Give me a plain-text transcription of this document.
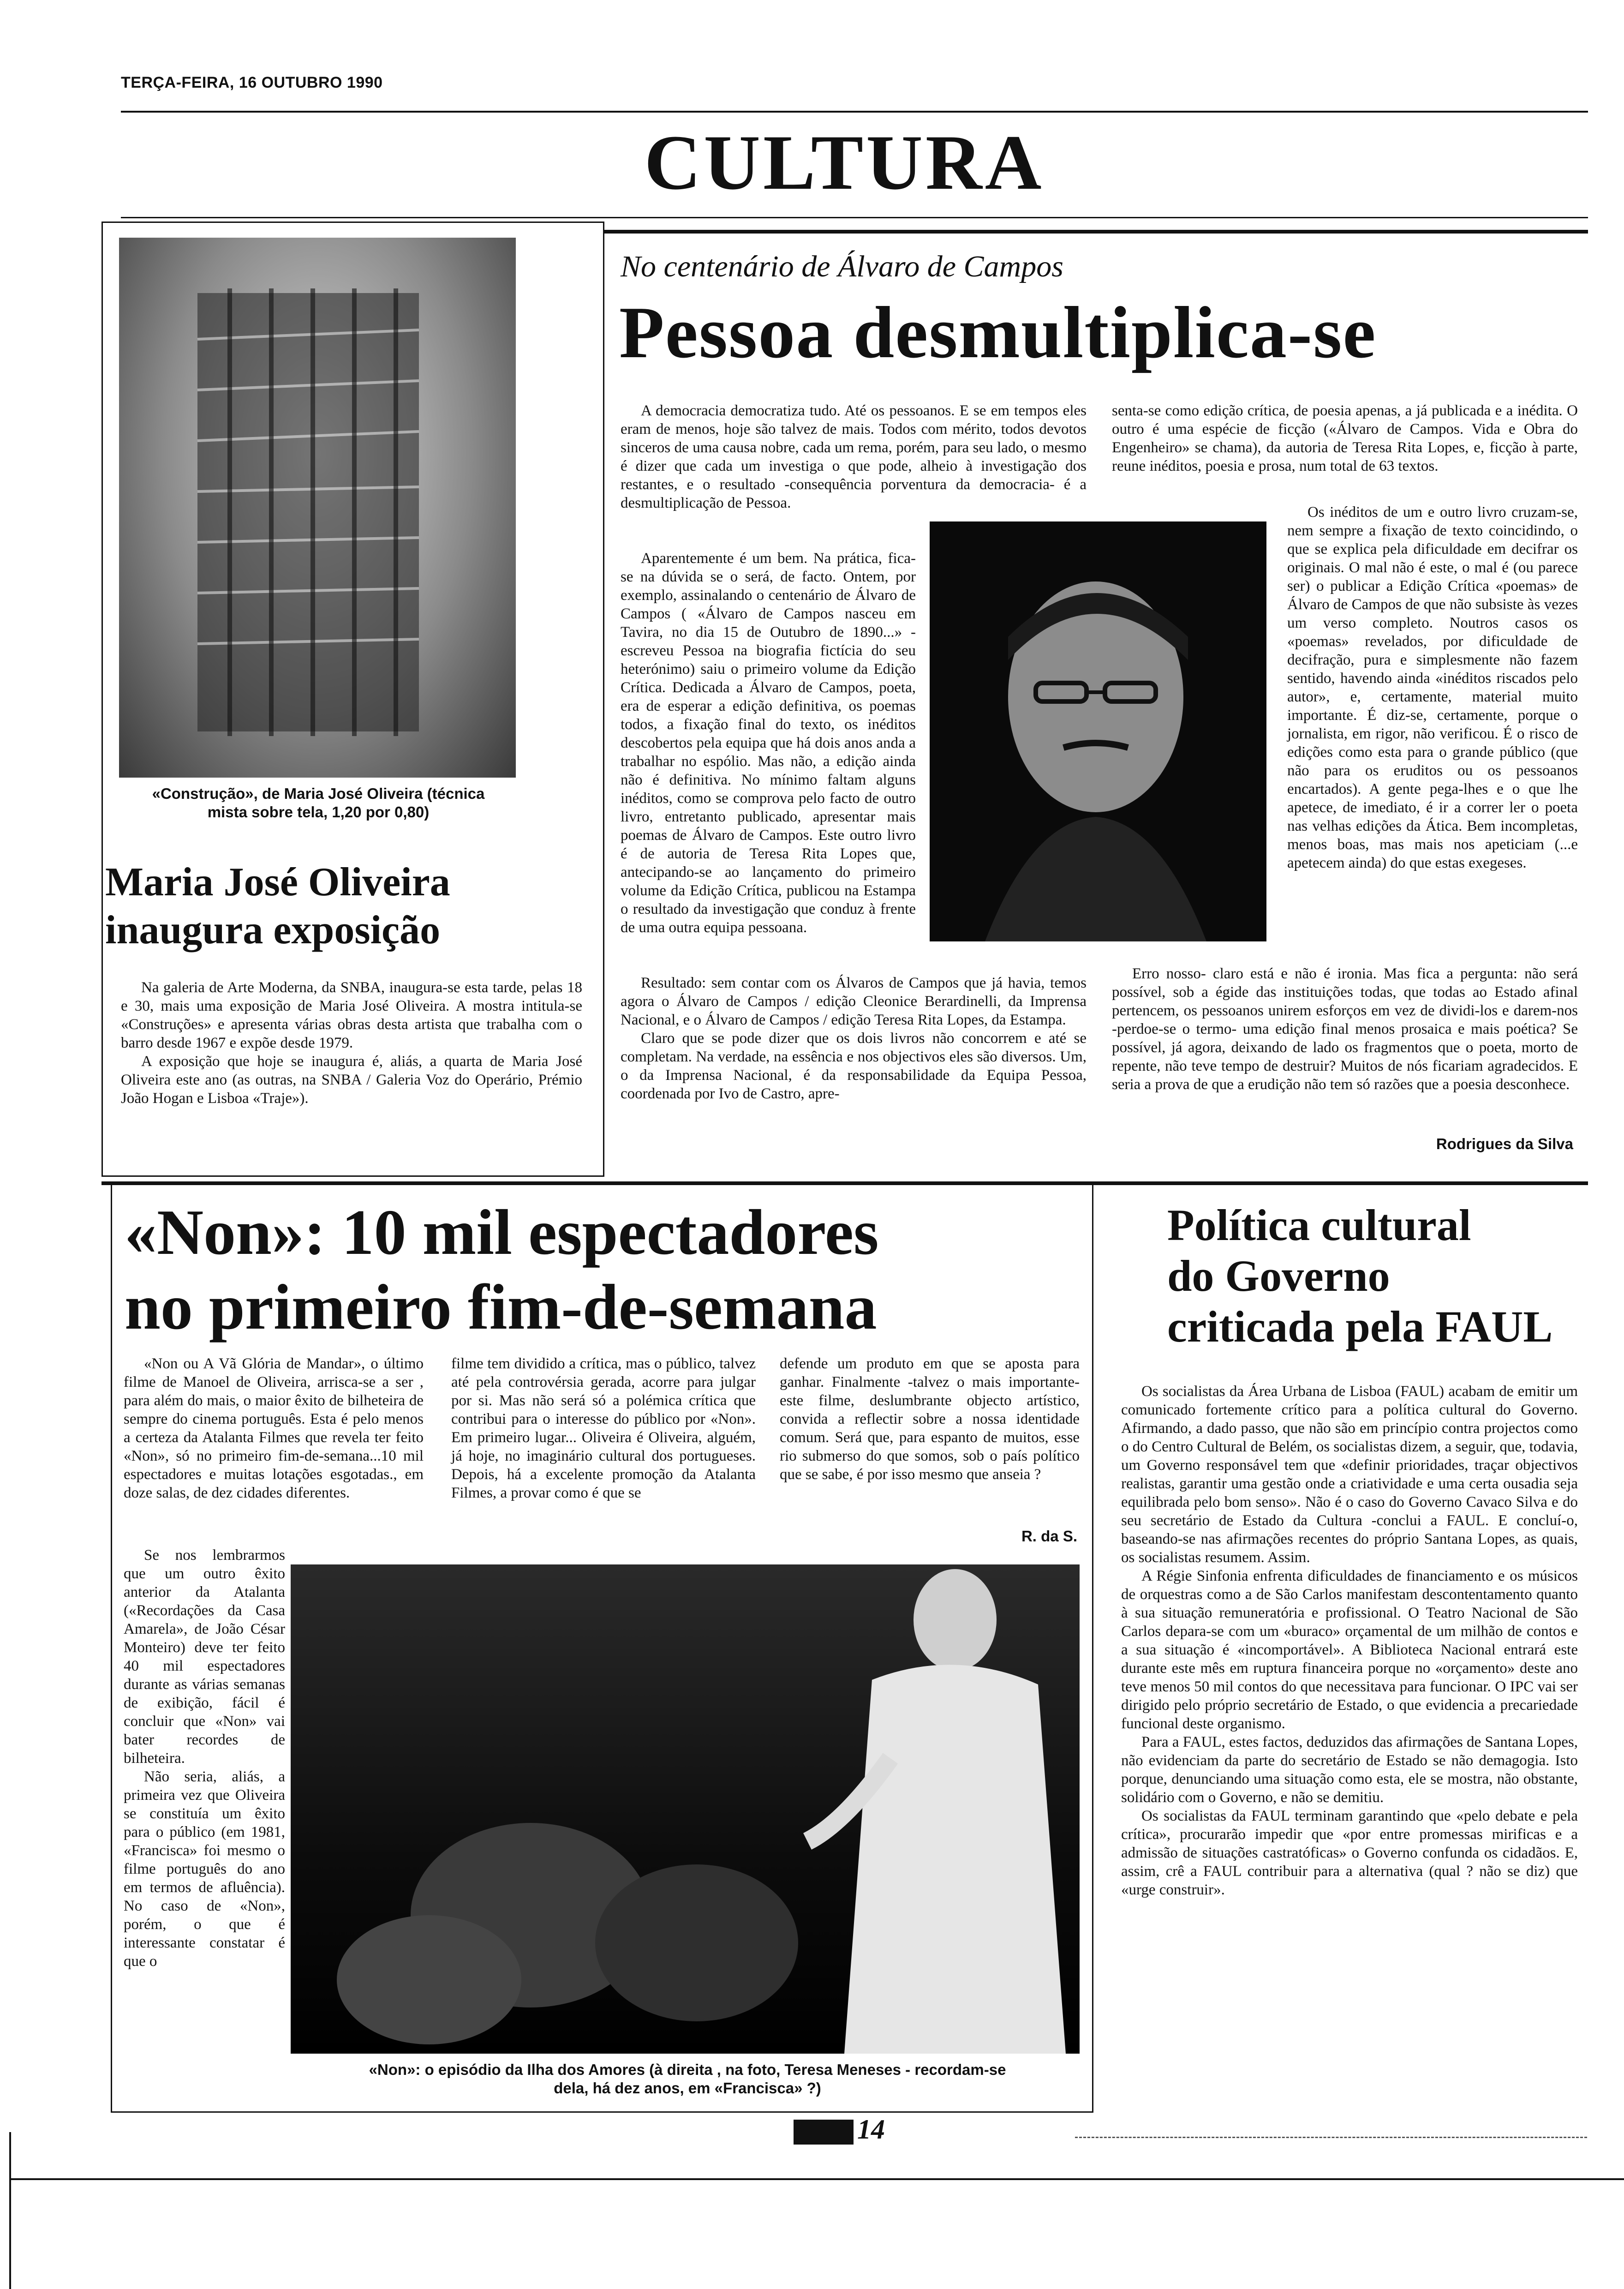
TERÇA-FEIRA, 16 OUTUBRO 1990
CULTURA
«Construção», de Maria José Oliveira (técnica mista sobre tela, 1,20 por 0,80)
Maria José Oliveira
inaugura exposição

Na galeria de Arte Moderna, da SNBA, inaugura-se esta tarde, pelas 18 e 30, mais uma exposição de Maria José Oliveira. A mostra intitula-se «Construções» e apresenta várias obras desta artista que trabalha com o barro desde 1967 e expõe desde 1979.

A exposição que hoje se inaugura é, aliás, a quarta de Maria José Oliveira este ano (as outras, na SNBA / Galeria Voz do Operário, Prémio João Hogan e Lisboa «Traje»).

No centenário de Álvaro de Campos
Pessoa desmultiplica-se

A democracia democratiza tudo. Até os pessoanos. E se em tempos eles eram de menos, hoje são talvez de mais. Todos com mérito, todos devotos sinceros de uma causa nobre, cada um rema, porém, para seu lado, o mesmo é dizer que cada um investiga o que pode, alheio à investigação dos restantes, e o resultado -consequência porventura da democracia- é a desmultiplicação de Pessoa.

Aparentemente é um bem. Na prática, fica-se na dúvida se o será, de facto. Ontem, por exemplo, assinalando o centenário de Álvaro de Campos ( «Álvaro de Campos nasceu em Tavira, no dia 15 de Outubro de 1890...» -escreveu Pessoa na biografia fictícia do seu heterónimo) saiu o primeiro volume da Edição Crítica. Dedicada a Álvaro de Campos, poeta, era de esperar a edição definitiva, os poemas todos, a fixação final do texto, os inéditos descobertos pela equipa que há dois anos anda a trabalhar no espólio. Mas não, a edição ainda não é definitiva. No mínimo faltam alguns inéditos, como se comprova pelo facto de outro livro, entretanto publicado, apresentar mais poemas de Álvaro de Campos. Este outro livro é de autoria de Teresa Rita Lopes que, antecipando-se ao lançamento do primeiro volume da Edição Crítica, publicou na Estampa o resultado da investigação que conduz à frente de uma outra equipa pessoana.

Resultado: sem contar com os Álvaros de Campos que já havia, temos agora o Álvaro de Campos / edição Cleonice Berardinelli, da Imprensa Nacional, e o Álvaro de Campos / edição Teresa Rita Lopes, da Estampa.

Claro que se pode dizer que os dois livros não concorrem e até se completam. Na verdade, na essência e nos objectivos eles são diversos. Um, o da Imprensa Nacional, é da responsabilidade da Equipa Pessoa, coordenada por Ivo de Castro, apre-

senta-se como edição crítica, de poesia apenas, a já publicada e a inédita. O outro é uma espécie de ficção («Álvaro de Campos. Vida e Obra do Engenheiro» se chama), da autoria de Teresa Rita Lopes, e, ficção à parte, reune inéditos, poesia e prosa, num total de 63 textos.

Os inéditos de um e outro livro cruzam-se, nem sempre a fixação de texto coincidindo, o que se explica pela dificuldade em decifrar os originais. O mal não é este, o mal é (ou parece ser) o publicar a Edição Crítica «poemas» de Álvaro de Campos de que não subsiste às vezes um verso completo. Noutros casos os «poemas» revelados, por dificuldade de decifração, pura e simplesmente não fazem sentido, havendo ainda «inéditos riscados pelo autor», e, certamente, material muito importante. É diz-se, certamente, porque o jornalista, em rigor, não verificou. É o risco de edições como esta para o grande público (que não para os eruditos ou os pessoanos encartados). A gente pega-lhes e o que lhe apetece, de imediato, é ir a correr ler o poeta nas velhas edições da Ática. Bem incompletas, menos boas, mas mais nos apeticiam (...e apetecem ainda) do que estas exegeses.

Erro nosso- claro está e não é ironia. Mas fica a pergunta: não será possível, sob a égide das instituições todas, que todas ao Estado afinal pertencem, os pessoanos unirem esforços em vez de dividi-los e darem-nos -perdoe-se o termo- uma edição final menos prosaica e mais poética? Se possível, já agora, deixando de lado os fragmentos que o poeta, morto de repente, não teve tempo de destruir? Muitos de nós ficariam agradecidos. E seria a prova de que a erudição não tem só razões que a poesia desconhece.

Rodrigues da Silva
«Non»: 10 mil espectadores
no primeiro fim-de-semana

«Non ou A Vã Glória de Mandar», o último filme de Manoel de Oliveira, arrisca-se a ser , para além do mais, o maior êxito de bilheteira de sempre do cinema português. Esta é pelo menos a certeza da Atalanta Filmes que revela ter feito «Non», só no primeiro fim-de-semana...10 mil espectadores e muitas lotações esgotadas., em doze salas, de dez cidades diferentes.

Se nos lembrarmos que um outro êxito anterior da Atalanta («Recordações da Casa Amarela», de João César Monteiro) deve ter feito 40 mil espectadores durante as várias semanas de exibição, fácil é concluir que «Non» vai bater recordes de bilheteira.

Não seria, aliás, a primeira vez que Oliveira se constituía um êxito para o público (em 1981, «Francisca» foi mesmo o filme português do ano em termos de afluência). No caso de «Non», porém, o que é interessante constatar é que o

filme tem dividido a crítica, mas o público, talvez até pela controvérsia gerada, acorre para julgar por si. Mas não será só a polémica crítica que contribui para o interesse do público por «Non». Em primeiro lugar... Oliveira é Oliveira, alguém, já hoje, no imaginário cultural dos portugueses. Depois, há a excelente promoção da Atalanta Filmes, a provar como é que se

defende um produto em que se aposta para ganhar. Finalmente -talvez o mais importante- este filme, deslumbrante objecto artístico, convida a reflectir sobre a nossa identidade comum. Será que, para espanto de muitos, esse rio submerso do que somos, sob o país político que se sabe, é por isso mesmo que anseia ?

R. da S.
«Non»: o episódio da Ilha dos Amores (à direita , na foto, Teresa Meneses - recordam-se dela, há dez anos, em «Francisca» ?)
Política cultural
do Governo
criticada pela FAUL

Os socialistas da Área Urbana de Lisboa (FAUL) acabam de emitir um comunicado fortemente crítico para a política cultural do Governo. Afirmando, a dado passo, que não são em princípio contra projectos como o do Centro Cultural de Belém, os socialistas dizem, a seguir, que, todavia, um Governo responsável tem que «definir prioridades, traçar objectivos realistas, garantir uma gestão onde a criatividade e uma certa ousadia seja equilibrada pelo bom senso». Não é o caso do Governo Cavaco Silva e do seu secretário de Estado da Cultura -conclui a FAUL. E concluí-o, baseando-se nas afirmações recentes do próprio Santana Lopes, as quais, os socialistas resumem. Assim.

A Régie Sinfonia enfrenta dificuldades de financiamento e os músicos de orquestras como a de São Carlos manifestam descontentamento quanto à sua situação remuneratória e profissional. O Teatro Nacional de São Carlos depara-se com um «buraco» orçamental de um milhão de contos e a sua situação é «incomportável». A Biblioteca Nacional entrará este durante este mês em ruptura financeira porque no «orçamento» deste ano teve menos 50 mil contos do que necessitava para funcionar. O IPC vai ser dirigido pelo próprio secretário de Estado, o que evidencia a precariedade funcional deste organismo.

Para a FAUL, estes factos, deduzidos das afirmações de Santana Lopes, não evidenciam da parte do secretário de Estado se não demagogia. Isto porque, denunciando uma situação como esta, ele se mostra, não obstante, solidário com o Governo, e não se demitiu.

Os socialistas da FAUL terminam garantindo que «pelo debate e pela crítica», procurarão impedir que «por entre promessas mirificas e a admissão de situações castratóficas» o Governo confunda os cidadãos. E, assim, crê a FAUL contribuir para a alternativa (qual ? não se diz) que «urge construir».

14
